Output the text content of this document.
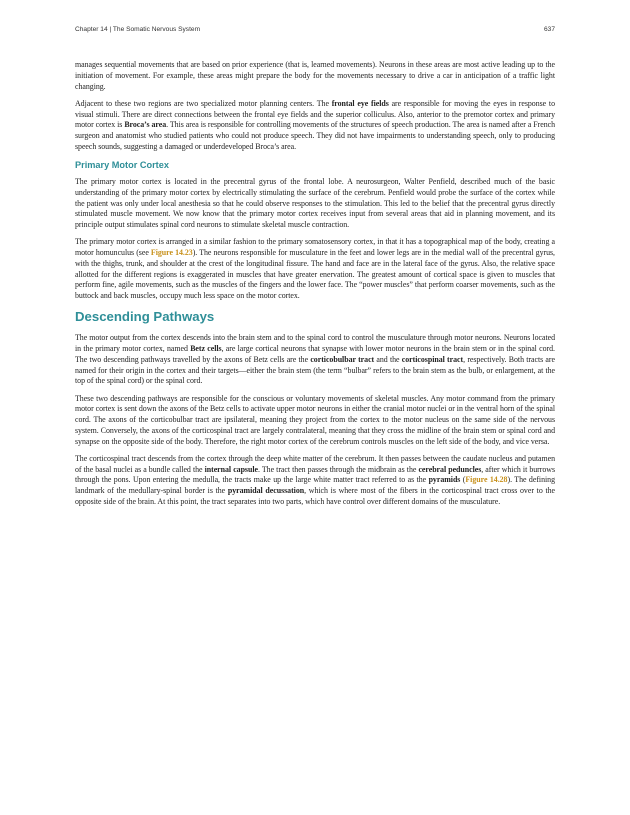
Chapter 14 | The Somatic Nervous System	637

manages sequential movements that are based on prior experience (that is, learned movements). Neurons in these areas are most active leading up to the initiation of movement. For example, these areas might prepare the body for the movements necessary to drive a car in anticipation of a traffic light changing.

Adjacent to these two regions are two specialized motor planning centers. The frontal eye fields are responsible for moving the eyes in response to visual stimuli. There are direct connections between the frontal eye fields and the superior colliculus. Also, anterior to the premotor cortex and primary motor cortex is Broca’s area. This area is responsible for controlling movements of the structures of speech production. The area is named after a French surgeon and anatomist who studied patients who could not produce speech. They did not have impairments to understanding speech, only to producing speech sounds, suggesting a damaged or underdeveloped Broca’s area.

Primary Motor Cortex

The primary motor cortex is located in the precentral gyrus of the frontal lobe. A neurosurgeon, Walter Penfield, described much of the basic understanding of the primary motor cortex by electrically stimulating the surface of the cerebrum. Penfield would probe the surface of the cortex while the patient was only under local anesthesia so that he could observe responses to the stimulation. This led to the belief that the precentral gyrus directly stimulated muscle movement. We now know that the primary motor cortex receives input from several areas that aid in planning movement, and its principle output stimulates spinal cord neurons to stimulate skeletal muscle contraction.

The primary motor cortex is arranged in a similar fashion to the primary somatosensory cortex, in that it has a topographical map of the body, creating a motor homunculus (see Figure 14.23). The neurons responsible for musculature in the feet and lower legs are in the medial wall of the precentral gyrus, with the thighs, trunk, and shoulder at the crest of the longitudinal fissure. The hand and face are in the lateral face of the gyrus. Also, the relative space allotted for the different regions is exaggerated in muscles that have greater enervation. The greatest amount of cortical space is given to muscles that perform fine, agile movements, such as the muscles of the fingers and the lower face. The “power muscles” that perform coarser movements, such as the buttock and back muscles, occupy much less space on the motor cortex.

Descending Pathways

The motor output from the cortex descends into the brain stem and to the spinal cord to control the musculature through motor neurons. Neurons located in the primary motor cortex, named Betz cells, are large cortical neurons that synapse with lower motor neurons in the brain stem or in the spinal cord. The two descending pathways travelled by the axons of Betz cells are the corticobulbar tract and the corticospinal tract, respectively. Both tracts are named for their origin in the cortex and their targets—either the brain stem (the term “bulbar” refers to the brain stem as the bulb, or enlargement, at the top of the spinal cord) or the spinal cord.

These two descending pathways are responsible for the conscious or voluntary movements of skeletal muscles. Any motor command from the primary motor cortex is sent down the axons of the Betz cells to activate upper motor neurons in either the cranial motor nuclei or in the ventral horn of the spinal cord. The axons of the corticobulbar tract are ipsilateral, meaning they project from the cortex to the motor nucleus on the same side of the nervous system. Conversely, the axons of the corticospinal tract are largely contralateral, meaning that they cross the midline of the brain stem or spinal cord and synapse on the opposite side of the body. Therefore, the right motor cortex of the cerebrum controls muscles on the left side of the body, and vice versa.

The corticospinal tract descends from the cortex through the deep white matter of the cerebrum. It then passes between the caudate nucleus and putamen of the basal nuclei as a bundle called the internal capsule. The tract then passes through the midbrain as the cerebral peduncles, after which it burrows through the pons. Upon entering the medulla, the tracts make up the large white matter tract referred to as the pyramids (Figure 14.28). The defining landmark of the medullary-spinal border is the pyramidal decussation, which is where most of the fibers in the corticospinal tract cross over to the opposite side of the brain. At this point, the tract separates into two parts, which have control over different domains of the musculature.
